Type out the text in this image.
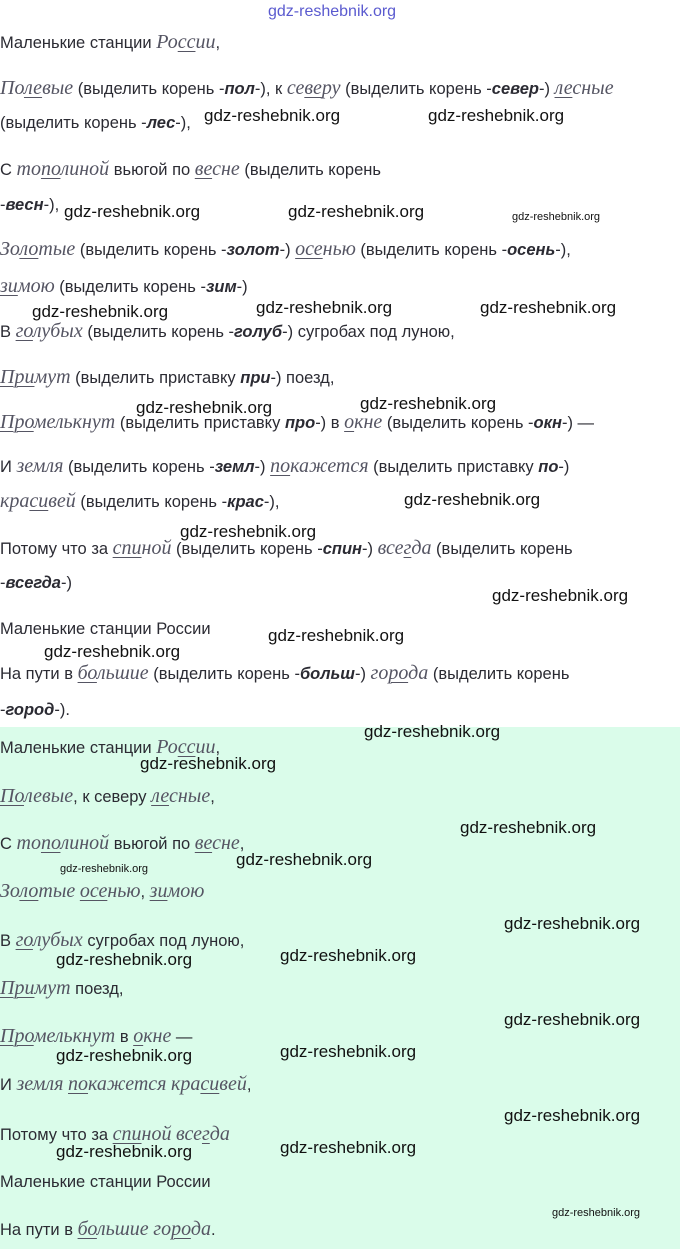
Маленькие станции России,
Полевые (выделить корень -пол-), к северу (выделить корень -север-) лесные
(выделить корень -лес-),
С тополиной вьюгой по весне (выделить корень
-весн-),
Золотые (выделить корень -золот-) осенью (выделить корень -осень-),
зимою (выделить корень -зим-)
В голубых (выделить корень -голуб-) сугробах под луною,
Примут (выделить приставку при-) поезд,
Промелькнут (выделить приставку про-) в окне (выделить корень -окн-) —
И земля (выделить корень -земл-) покажется (выделить приставку по-)
красивей (выделить корень -крас-),
Потому что за спиной (выделить корень -спин-) всегда (выделить корень
-всегда-)
Маленькие станции России
На пути в большие (выделить корень -больш-) города (выделить корень
-город-).
Маленькие станции России,
Полевые, к северу лесные,
С тополиной вьюгой по весне,
Золотые осенью, зимою
В голубых сугробах под луною,
Примут поезд,
Промелькнут в окне —
И земля покажется красивей,
Потому что за спиной всегда
Маленькие станции России
На пути в большие города.
gdz-reshebnik.org
gdz-reshebnik.org	gdz-reshebnik.org
gdz-reshebnik.org	gdz-reshebnik.org	gdz-reshebnik.org
gdz-reshebnik.org	gdz-reshebnik.org	gdz-reshebnik.org
gdz-reshebnik.org	gdz-reshebnik.org
gdz-reshebnik.org
gdz-reshebnik.org
gdz-reshebnik.org
gdz-reshebnik.org
gdz-reshebnik.org
gdz-reshebnik.org
gdz-reshebnik.org
gdz-reshebnik.org
gdz-reshebnik.org
gdz-reshebnik.org
gdz-reshebnik.org
gdz-reshebnik.org	gdz-reshebnik.org
gdz-reshebnik.org
gdz-reshebnik.org	gdz-reshebnik.org
gdz-reshebnik.org
gdz-reshebnik.org	gdz-reshebnik.org
gdz-reshebnik.org
